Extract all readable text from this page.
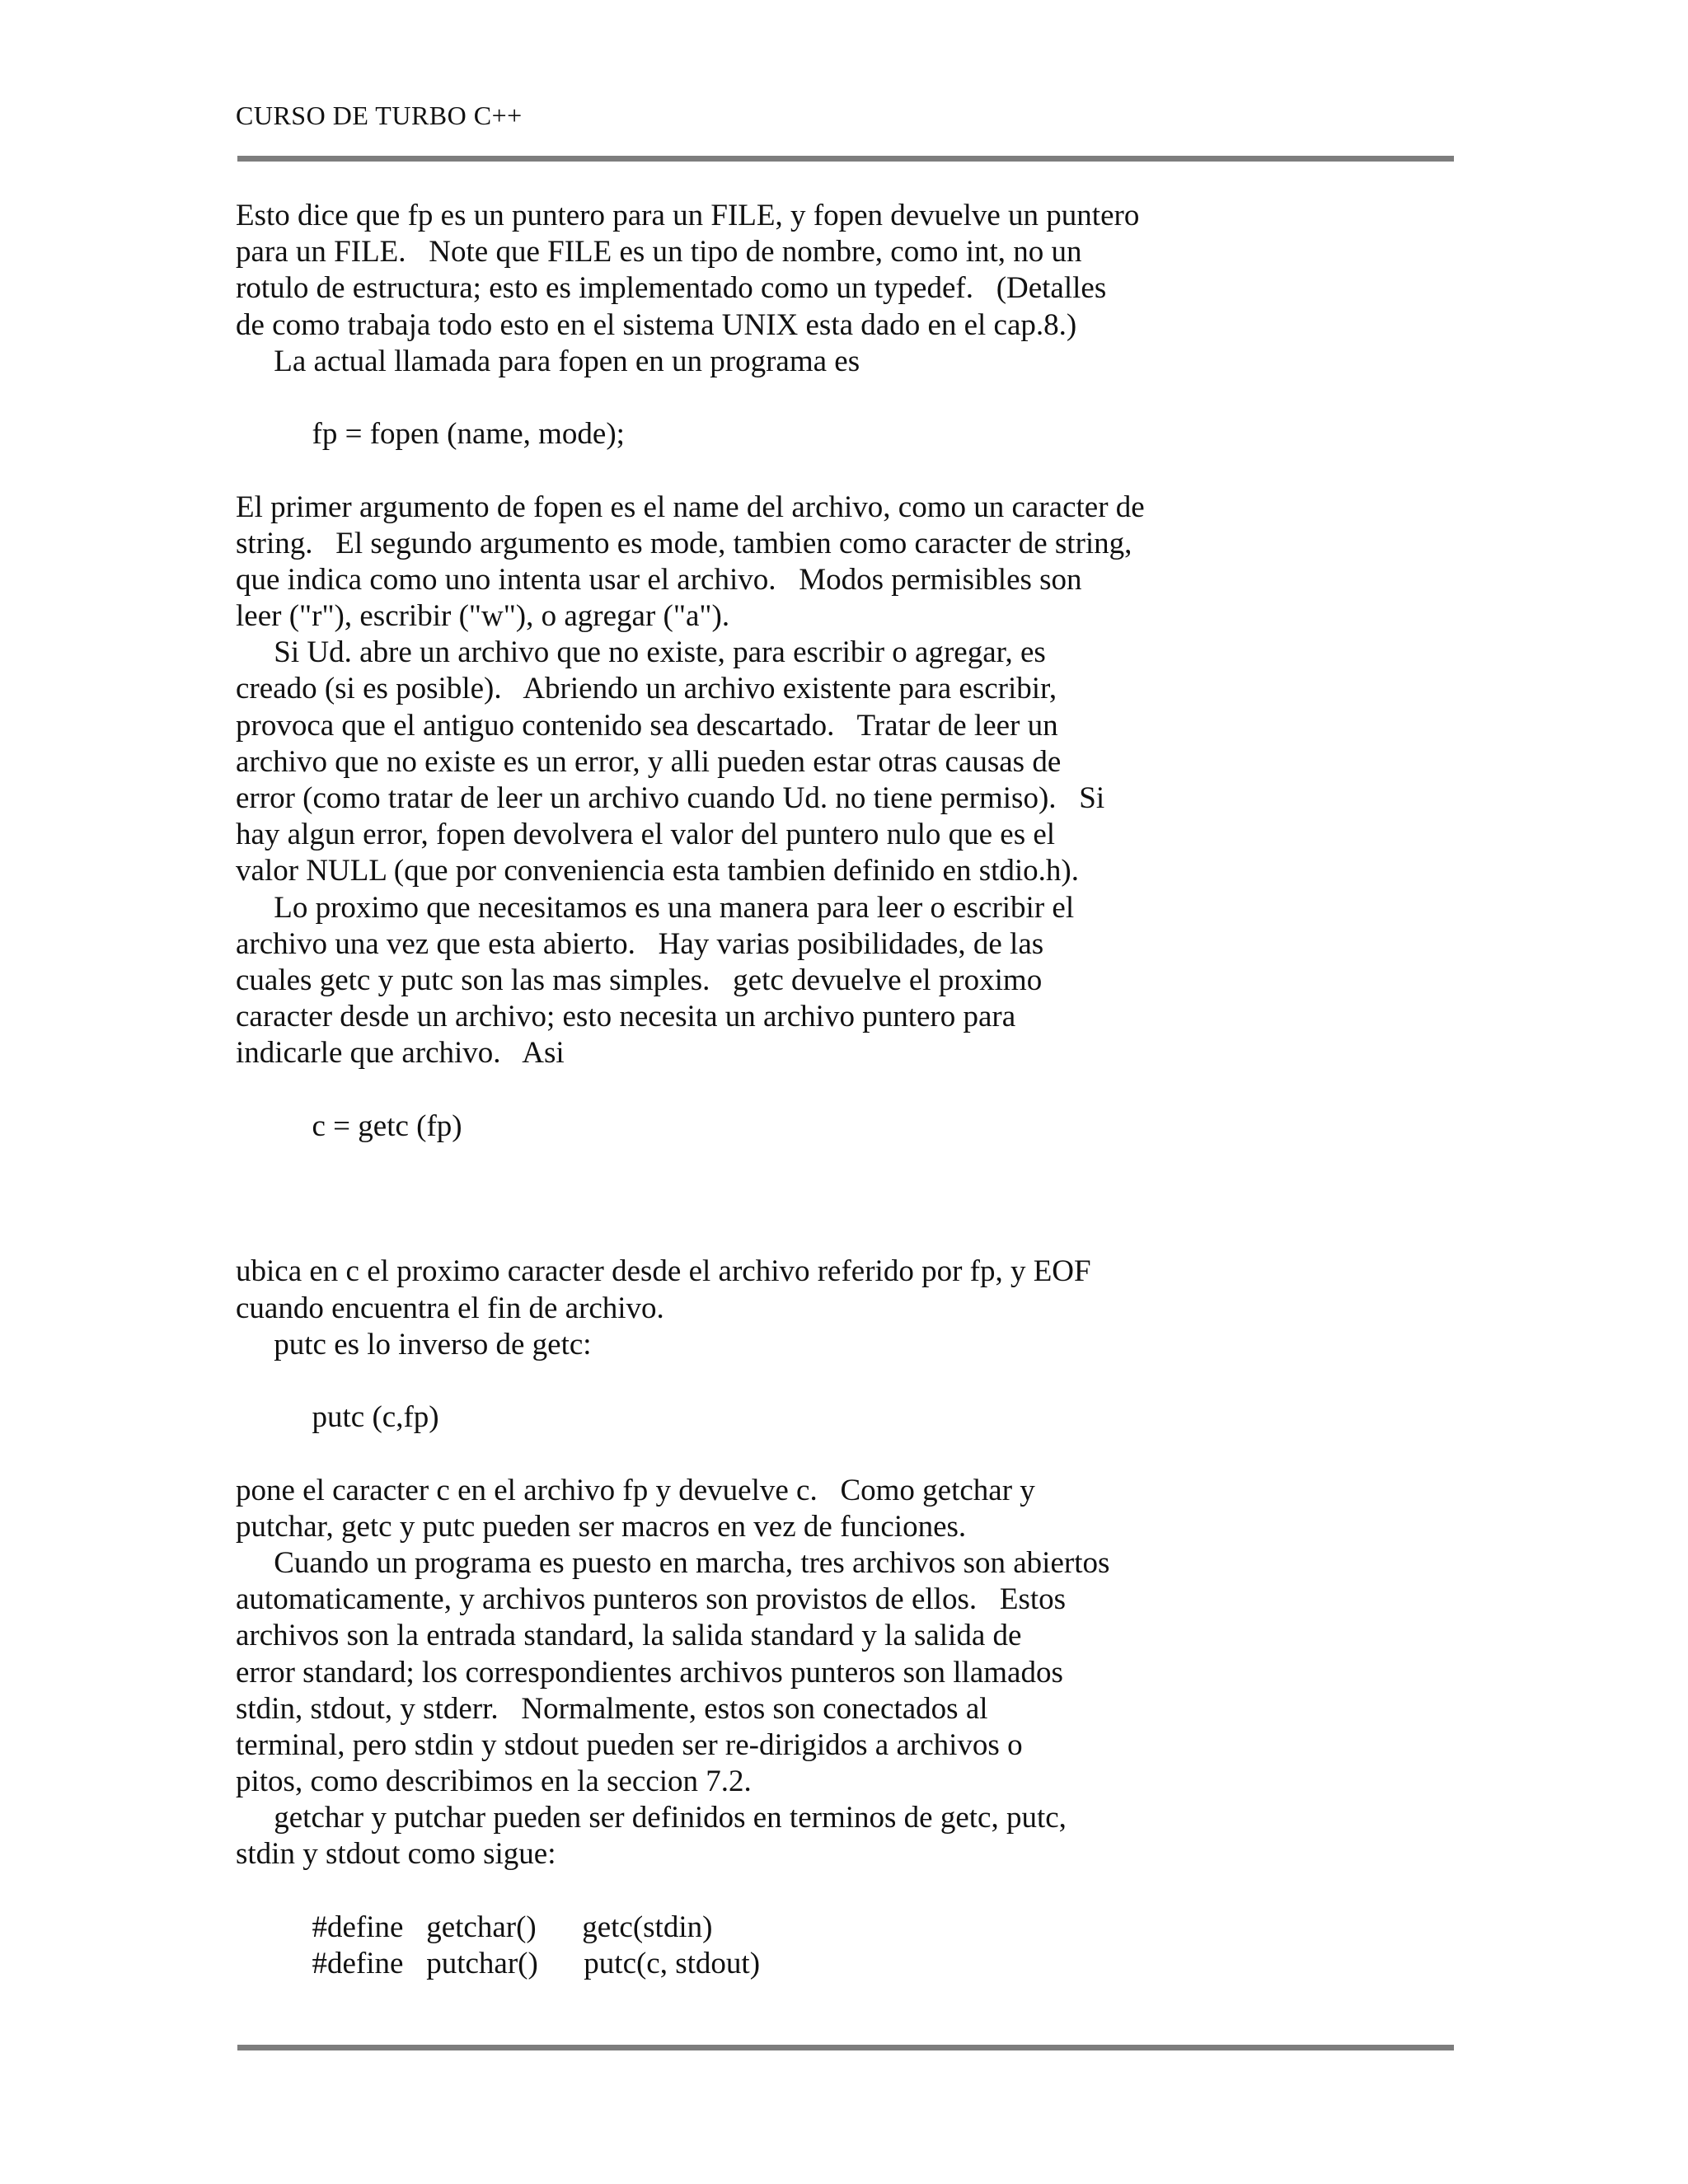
CURSO DE TURBO C++
Esto dice que fp es un puntero para un FILE, y fopen devuelve un puntero
para un FILE.   Note que FILE es un tipo de nombre, como int, no un
rotulo de estructura; esto es implementado como un typedef.   (Detalles
de como trabaja todo esto en el sistema UNIX esta dado en el cap.8.)
La actual llamada para fopen en un programa es
fp = fopen (name, mode);
El primer argumento de fopen es el name del archivo, como un caracter de
string.   El segundo argumento es mode, tambien como caracter de string,
que indica como uno intenta usar el archivo.   Modos permisibles son
leer ("r"), escribir ("w"), o agregar ("a").
Si Ud. abre un archivo que no existe, para escribir o agregar, es
creado (si es posible).   Abriendo un archivo existente para escribir,
provoca que el antiguo contenido sea descartado.   Tratar de leer un
archivo que no existe es un error, y alli pueden estar otras causas de
error (como tratar de leer un archivo cuando Ud. no tiene permiso).   Si
hay algun error, fopen devolvera el valor del puntero nulo que es el
valor NULL (que por conveniencia esta tambien definido en stdio.h).
Lo proximo que necesitamos es una manera para leer o escribir el
archivo una vez que esta abierto.   Hay varias posibilidades, de las
cuales getc y putc son las mas simples.   getc devuelve el proximo
caracter desde un archivo; esto necesita un archivo puntero para
indicarle que archivo.   Asi
c = getc (fp)
ubica en c el proximo caracter desde el archivo referido por fp, y EOF
cuando encuentra el fin de archivo.
putc es lo inverso de getc:
putc (c,fp)
pone el caracter c en el archivo fp y devuelve c.   Como getchar y
putchar, getc y putc pueden ser macros en vez de funciones.
Cuando un programa es puesto en marcha, tres archivos son abiertos
automaticamente, y archivos punteros son provistos de ellos.   Estos
archivos son la entrada standard, la salida standard y la salida de
error standard; los correspondientes archivos punteros son llamados
stdin, stdout, y stderr.   Normalmente, estos son conectados al
terminal, pero stdin y stdout pueden ser re-dirigidos a archivos o
pitos, como describimos en la seccion 7.2.
getchar y putchar pueden ser definidos en terminos de getc, putc,
stdin y stdout como sigue:
#define   getchar()      getc(stdin)
#define   putchar()      putc(c, stdout)
